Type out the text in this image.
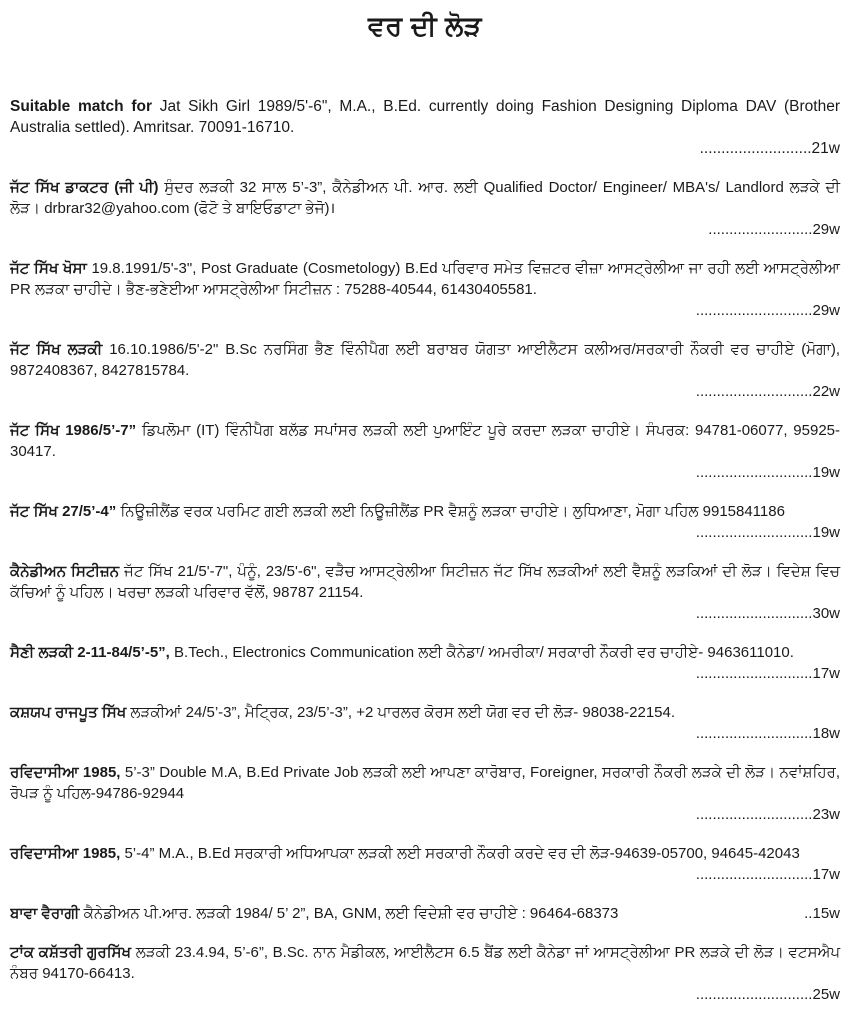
ਵਰ ਦੀ ਲੋੜ
Suitable match for Jat Sikh Girl 1989/5'-6", M.A., B.Ed. currently doing Fashion Designing Diploma DAV (Brother Australia settled). Amritsar. 70091-16710.
..........................21w
ਜੱਟ ਸਿੱਖ ਡਾਕਟਰ (ਜੀ ਪੀ) ਸੁੰਦਰ ਲੜਕੀ 32 ਸਾਲ 5’-3”, ਕੈਨੇਡੀਅਨ ਪੀ. ਆਰ. ਲਈ Qualified Doctor/ Engineer/ MBA's/ Landlord ਲੜਕੇ ਦੀ ਲੋੜ। drbrar32@yahoo.com (ਫੋਟੋ ਤੇ ਬਾਇਓਡਾਟਾ ਭੇਜੋ)।
.........................29w
ਜੱਟ ਸਿੱਖ ਖੋਸਾ 19.8.1991/5'-3", Post Graduate (Cosmetology) B.Ed ਪਰਿਵਾਰ ਸਮੇਤ ਵਿਜ਼ਟਰ ਵੀਜ਼ਾ ਆਸਟ੍ਰੇਲੀਆ ਜਾ ਰਹੀ ਲਈ ਆਸਟ੍ਰੇਲੀਆ PR ਲੜਕਾ ਚਾਹੀਦੇ। ਭੈਣ-ਭਣੇਈਆ ਆਸਟ੍ਰੇਲੀਆ ਸਿਟੀਜ਼ਨ : 75288-40544, 61430405581.
............................29w
ਜੱਟ ਸਿੱਖ ਲੜਕੀ 16.10.1986/5'-2" B.Sc ਨਰਸਿੰਗ ਭੈਣ ਵਿੰਨੀਪੈਗ ਲਈ ਬਰਾਬਰ ਯੋਗਤਾ ਆਈਲੈਟਸ ਕਲੀਅਰ/ਸਰਕਾਰੀ ਨੌਕਰੀ ਵਰ ਚਾਹੀਏ (ਮੋਗਾ), 9872408367, 8427815784.
............................22w
ਜੱਟ ਸਿੱਖ 1986/5’-7” ਡਿਪਲੋਮਾ (IT) ਵਿੰਨੀਪੈਗ ਬਲੱਡ ਸਪਾਂਸਰ ਲੜਕੀ ਲਈ ਪੁਆਇੰਟ ਪੂਰੇ ਕਰਦਾ ਲੜਕਾ ਚਾਹੀਏ। ਸੰਪਰਕ: 94781-06077, 95925-30417.
............................19w
ਜੱਟ ਸਿੱਖ 27/5’-4” ਨਿਊਜ਼ੀਲੈਂਡ ਵਰਕ ਪਰਮਿਟ ਗਈ ਲੜਕੀ ਲਈ ਨਿਊਜ਼ੀਲੈਂਡ PR ਵੈਸ਼ਨੂੰ ਲੜਕਾ ਚਾਹੀਏ। ਲੁਧਿਆਣਾ, ਮੋਗਾ ਪਹਿਲ 9915841186
............................19w
ਕੈਨੇਡੀਅਨ ਸਿਟੀਜ਼ਨ ਜੱਟ ਸਿੱਖ 21/5'-7", ਪੰਨੂੰ, 23/5'-6", ਵੜੈਚ ਆਸਟ੍ਰੇਲੀਆ ਸਿਟੀਜ਼ਨ ਜੱਟ ਸਿੱਖ ਲੜਕੀਆਂ ਲਈ ਵੈਸ਼ਨੂੰ ਲੜਕਿਆਂ ਦੀ ਲੋੜ। ਵਿਦੇਸ਼ ਵਿਚ ਕੱਚਿਆਂ ਨੂੰ ਪਹਿਲ। ਖਰਚਾ ਲੜਕੀ ਪਰਿਵਾਰ ਵੱਲੋਂ, 98787 21154.
............................30w
ਸੈਣੀ ਲੜਕੀ 2-11-84/5’-5”, B.Tech., Electronics Communication ਲਈ ਕੈਨੇਡਾ/ ਅਮਰੀਕਾ/ ਸਰਕਾਰੀ ਨੌਕਰੀ ਵਰ ਚਾਹੀਏ- 9463611010.
............................17w
ਕਸ਼ਯਪ ਰਾਜਪੂਤ ਸਿੱਖ ਲੜਕੀਆਂ 24/5’-3”, ਮੈਟ੍ਰਿਕ, 23/5’-3”, +2 ਪਾਰਲਰ ਕੋਰਸ ਲਈ ਯੋਗ ਵਰ ਦੀ ਲੋੜ- 98038-22154.
............................18w
ਰਵਿਦਾਸੀਆ 1985, 5’-3” Double M.A, B.Ed Private Job ਲੜਕੀ ਲਈ ਆਪਣਾ ਕਾਰੋਬਾਰ, Foreigner, ਸਰਕਾਰੀ ਨੌਕਰੀ ਲੜਕੇ ਦੀ ਲੋੜ। ਨਵਾਂਸ਼ਹਿਰ, ਰੋਪੜ ਨੂੰ ਪਹਿਲ-94786-92944
............................23w
ਰਵਿਦਾਸੀਆ 1985, 5’-4” M.A., B.Ed ਸਰਕਾਰੀ ਅਧਿਆਪਕਾ ਲੜਕੀ ਲਈ ਸਰਕਾਰੀ ਨੌਕਰੀ ਕਰਦੇ ਵਰ ਦੀ ਲੋੜ-94639-05700, 94645-42043
............................17w
ਬਾਵਾ ਵੈਰਾਗੀ ਕੈਨੇਡੀਅਨ ਪੀ.ਆਰ. ਲੜਕੀ 1984/ 5’ 2”, BA, GNM, ਲਈ ਵਿਦੇਸ਼ੀ ਵਰ ਚਾਹੀਏ : 96464-68373	..15w
ਟਾਂਕ ਕਸ਼ੱਤਰੀ ਗੁਰਸਿੱਖ ਲੜਕੀ 23.4.94, 5’-6”, B.Sc. ਨਾਨ ਮੈਡੀਕਲ, ਆਈਲੈਟਸ 6.5 ਬੈਂਡ ਲਈ ਕੈਨੇਡਾ ਜਾਂ ਆਸਟ੍ਰੇਲੀਆ PR ਲੜਕੇ ਦੀ ਲੋੜ। ਵਟਸਐਪ ਨੰਬਰ 94170-66413.
............................25w
